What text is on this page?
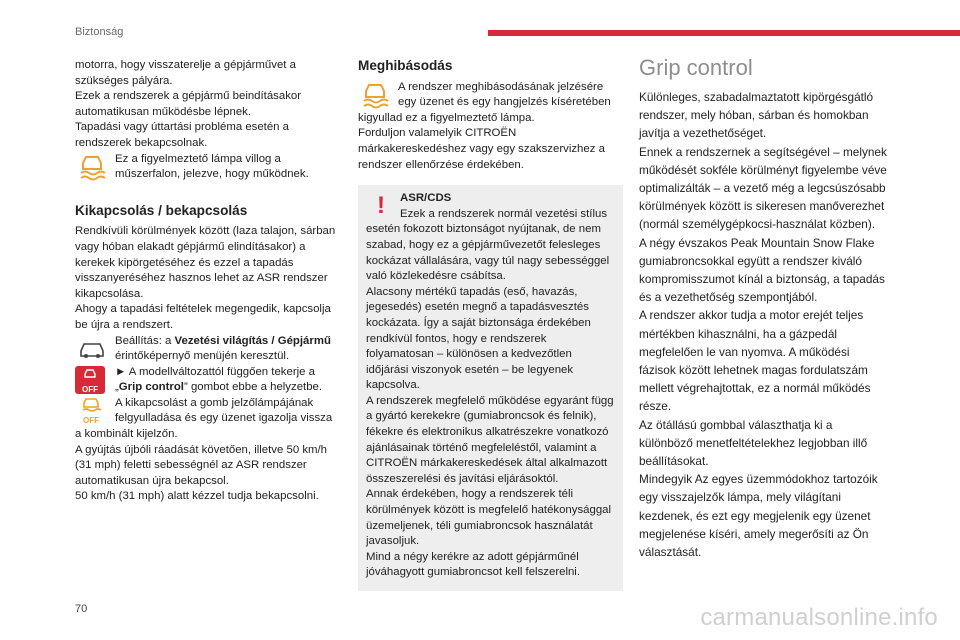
Biztonság

motorra, hogy visszaterelje a gépjárművet a szükséges pályára.

Ezek a rendszerek a gépjármű beindításakor automatikusan működésbe lépnek.

Tapadási vagy úttartási probléma esetén a rendszerek bekapcsolnak.

Ez a figyelmeztető lámpa villog a műszerfalon, jelezve, hogy működnek.
Kikapcsolás / bekapcsolás

Rendkívüli körülmények között (laza talajon, sárban vagy hóban elakadt gépjármű elindításakor) a kerekek kipörgetéséhez és ezzel a tapadás visszanyeréséhez hasznos lehet az ASR rendszer kikapcsolása.

Ahogy a tapadási feltételek megengedik, kapcsolja be újra a rendszert.

Beállítás: a Vezetési világítás / Gépjármű érintőképernyő menüjén keresztül.
OFF
► A modellváltozattól függően tekerje a „Grip control” gombot ebbe a helyzetbe.
OFF
A kikapcsolást a gomb jelzőlámpájának felgyulladása és egy üzenet igazolja vissza a kombinált kijelzőn.

A gyújtás újbóli ráadását követően, illetve 50 km/h (31 mph) feletti sebességnél az ASR rendszer automatikusan újra bekapcsol.

50 km/h (31 mph) alatt kézzel tudja bekapcsolni.

Meghibásodás
A rendszer meghibásodásának jelzésére egy üzenet és egy hangjelzés kíséretében kigyullad ez a figyelmeztető lámpa.

Forduljon valamelyik CITROËN márkakereskedéshez vagy egy szakszervizhez a rendszer ellenőrzése érdekében.

!	ASR/CDS

Ezek a rendszerek normál vezetési stílus esetén fokozott biztonságot nyújtanak, de nem szabad, hogy ez a gépjárművezetőt felesleges kockázat vállalására, vagy túl nagy sebességgel való közlekedésre csábítsa.

Alacsony mértékű tapadás (eső, havazás, jegesedés) esetén megnő a tapadásvesztés kockázata. Így a saját biztonsága érdekében rendkívül fontos, hogy e rendszerek folyamatosan – különösen a kedvezőtlen időjárási viszonyok esetén – be legyenek kapcsolva.

A rendszerek megfelelő működése egyaránt függ a gyártó kerekekre (gumiabroncsok és felnik), fékekre és elektronikus alkatrészekre vonatkozó ajánlásainak történő megfeleléstől, valamint a CITROËN márkakereskedések által alkalmazott összeszerelési és javítási eljárásoktól.

Annak érdekében, hogy a rendszerek téli körülmények között is megfelelő hatékonysággal üzemeljenek, téli gumiabroncsok használatát javasoljuk.

Mind a négy kerékre az adott gépjárműnél jóváhagyott gumiabroncsot kell felszerelni.

Grip control

Különleges, szabadalmaztatott kipörgésgátló rendszer, mely hóban, sárban és homokban javítja a vezethetőséget.

Ennek a rendszernek a segítségével – melynek működését sokféle körülményt figyelembe véve optimalizálták – a vezető még a legcsúszósabb körülmények között is sikeresen manőverezhet (normál személygépkocsi-használat közben).

A négy évszakos Peak Mountain Snow Flake gumiabroncsokkal együtt a rendszer kiváló kompromisszumot kínál a biztonság, a tapadás és a vezethetőség szempontjából.

A rendszer akkor tudja a motor erejét teljes mértékben kihasználni, ha a gázpedál megfelelően le van nyomva. A működési fázisok között lehetnek magas fordulatszám mellett végrehajtottak, ez a normál működés része.

Az ötállású gombbal választhatja ki a különböző menetfeltételekhez legjobban illő beállításokat.

Mindegyik Az egyes üzemmódokhoz tartozóik egy visszajelzők lámpa, mely világítani kezdenek, és ezt egy megjelenik egy üzenet megjelenése kíséri, amely megerősíti az Ön választását.

70	carmanualsonline.info
